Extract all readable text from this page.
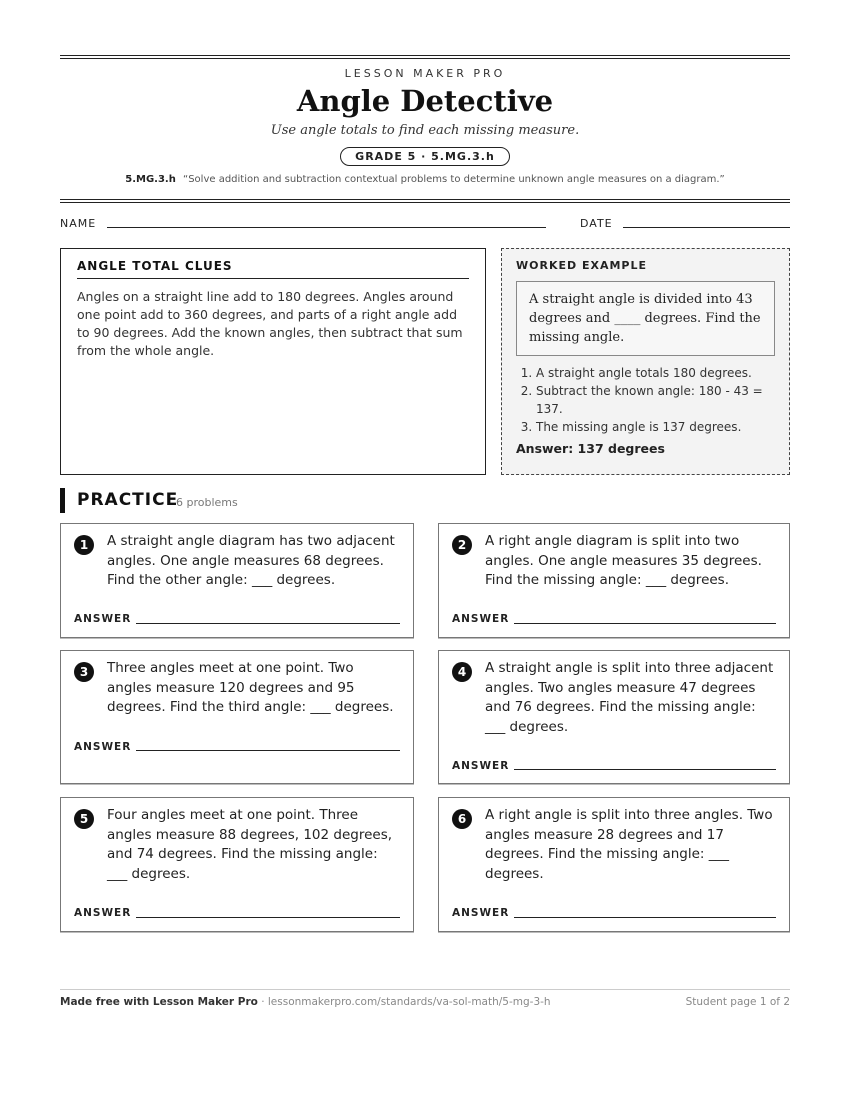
LESSON MAKER PRO
Angle Detective
Use angle totals to find each missing measure.
GRADE 5 · 5.MG.3.h
5.MG.3.h “Solve addition and subtraction contextual problems to determine unknown angle measures on a diagram.”
NAME	DATE
ANGLE TOTAL CLUES
Angles on a straight line add to 180 degrees. Angles around one point add to 360 degrees, and parts of a right angle add to 90 degrees. Add the known angles, then subtract that sum from the whole angle.
WORKED EXAMPLE
A straight angle is divided into 43 degrees and ____ degrees. Find the missing angle.
1. A straight angle totals 180 degrees.
2. Subtract the known angle: 180 - 43 = 137.
3. The missing angle is 137 degrees.
Answer: 137 degrees
PRACTICE
6 problems
1	A straight angle diagram has two adjacent angles. One angle measures 68 degrees. Find the other angle: ___ degrees.
ANSWER
2	A right angle diagram is split into two angles. One angle measures 35 degrees. Find the missing angle: ___ degrees.
ANSWER
3	Three angles meet at one point. Two angles measure 120 degrees and 95 degrees. Find the third angle: ___ degrees.
ANSWER
4	A straight angle is split into three adjacent angles. Two angles measure 47 degrees and 76 degrees. Find the missing angle: ___ degrees.
ANSWER
5	Four angles meet at one point. Three angles measure 88 degrees, 102 degrees, and 74 degrees. Find the missing angle: ___ degrees.
ANSWER
6	A right angle is split into three angles. Two angles measure 28 degrees and 17 degrees. Find the missing angle: ___ degrees.
ANSWER
Made free with Lesson Maker Pro · lessonmakerpro.com/standards/va-sol-math/5-mg-3-h	Student page 1 of 2
